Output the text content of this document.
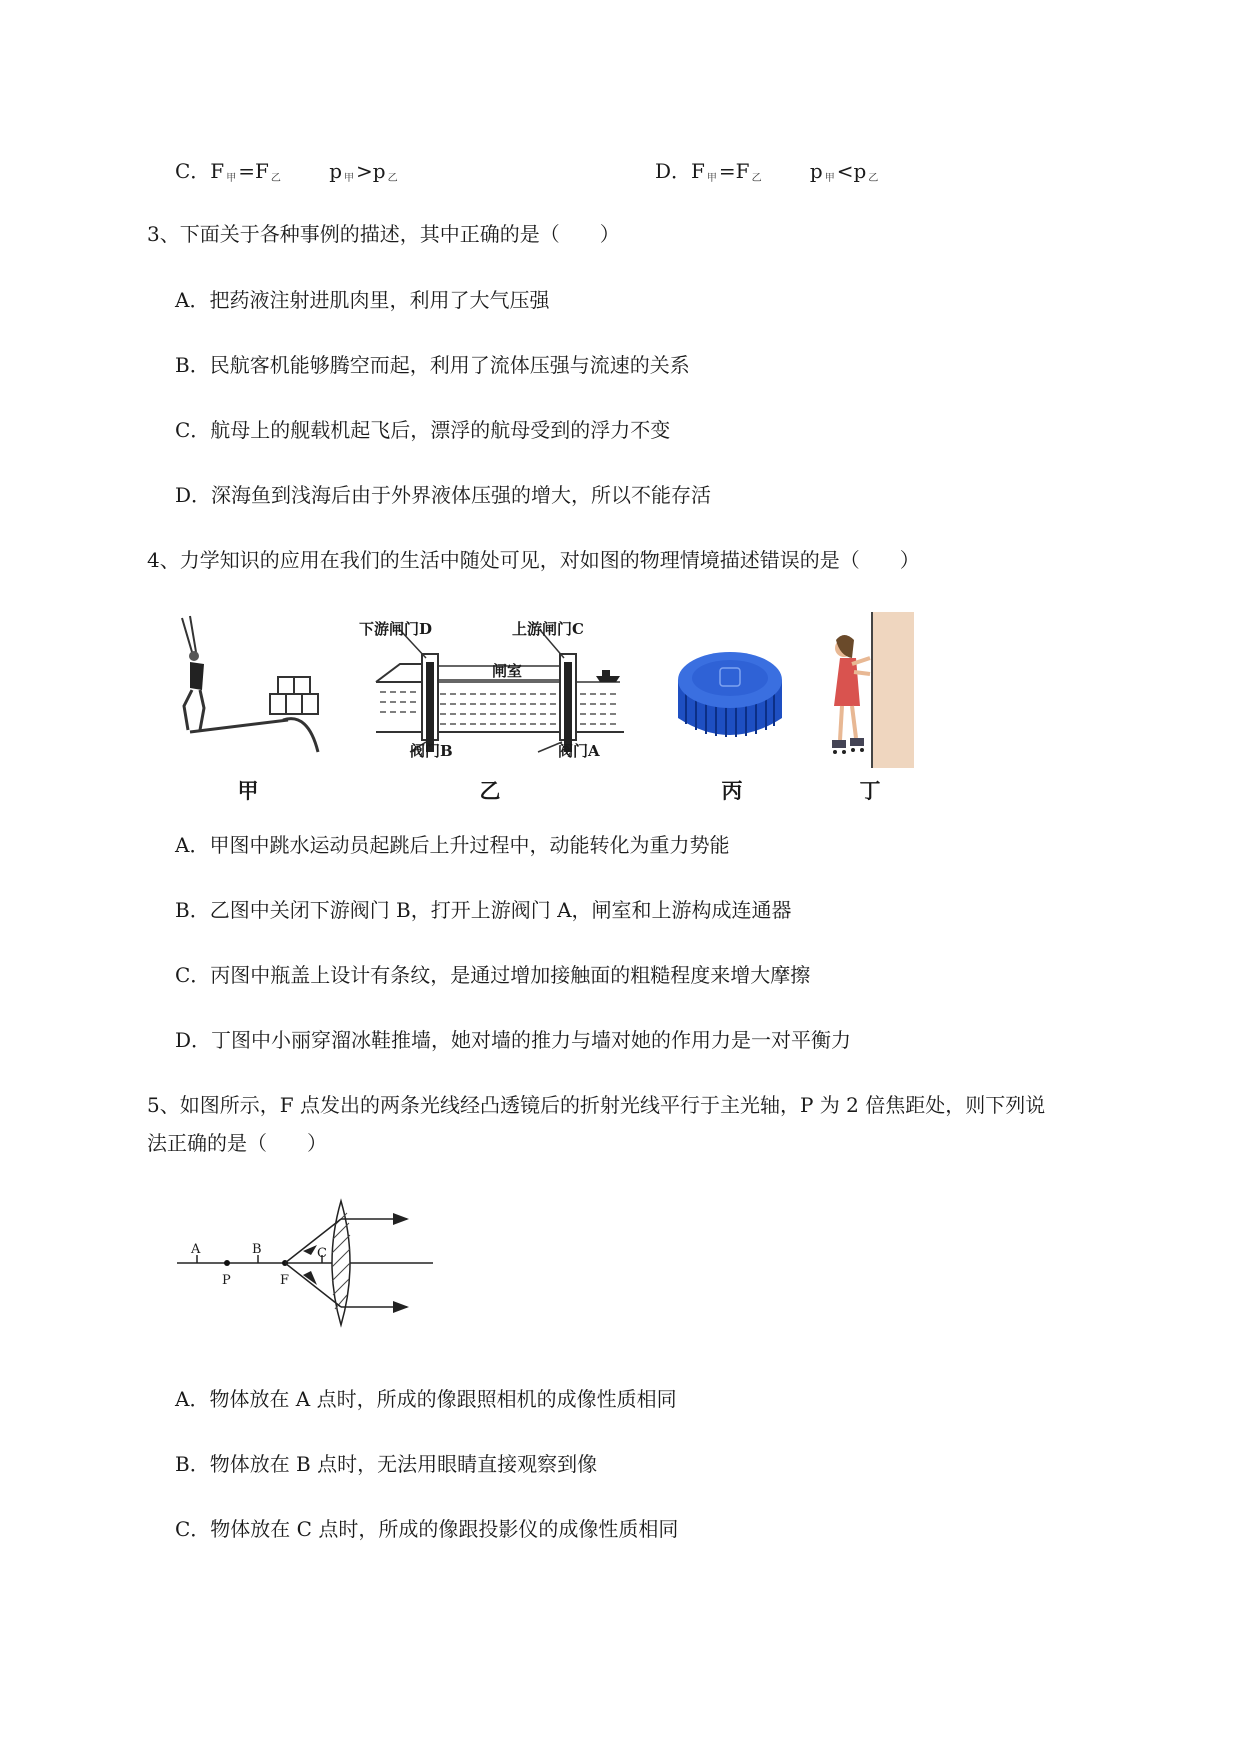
C．F $_甲$ =F $_乙$ p $_甲$ >p $_乙$	D．F $_甲$ =F $_乙$ p $_甲$ <p $_乙$
3、下面关于各种事例的描述，其中正确的是（　　）
A．把药液注射进肌肉里，利用了大气压强
B．民航客机能够腾空而起，利用了流体压强与流速的关系
C．航母上的舰载机起飞后，漂浮的航母受到的浮力不变
D．深海鱼到浅海后由于外界液体压强的增大，所以不能存活
4、力学知识的应用在我们的生活中随处可见，对如图的物理情境描述错误的是（　　）
甲
下游闸门D	上游闸门C
闸室
阀门B	阀门A
乙	丙	丁
A．甲图中跳水运动员起跳后上升过程中，动能转化为重力势能
B．乙图中关闭下游阀门 B，打开上游阀门 A，闸室和上游构成连通器
C．丙图中瓶盖上设计有条纹，是通过增加接触面的粗糙程度来增大摩擦
D．丁图中小丽穿溜冰鞋推墙，她对墙的推力与墙对她的作用力是一对平衡力
5、如图所示，F 点发出的两条光线经凸透镜后的折射光线平行于主光轴，P 为 2 倍焦距处，则下列说
法正确的是（　　）
A	B	C
P	F
A．物体放在 A 点时，所成的像跟照相机的成像性质相同
B．物体放在 B 点时，无法用眼睛直接观察到像
C．物体放在 C 点时，所成的像跟投影仪的成像性质相同
